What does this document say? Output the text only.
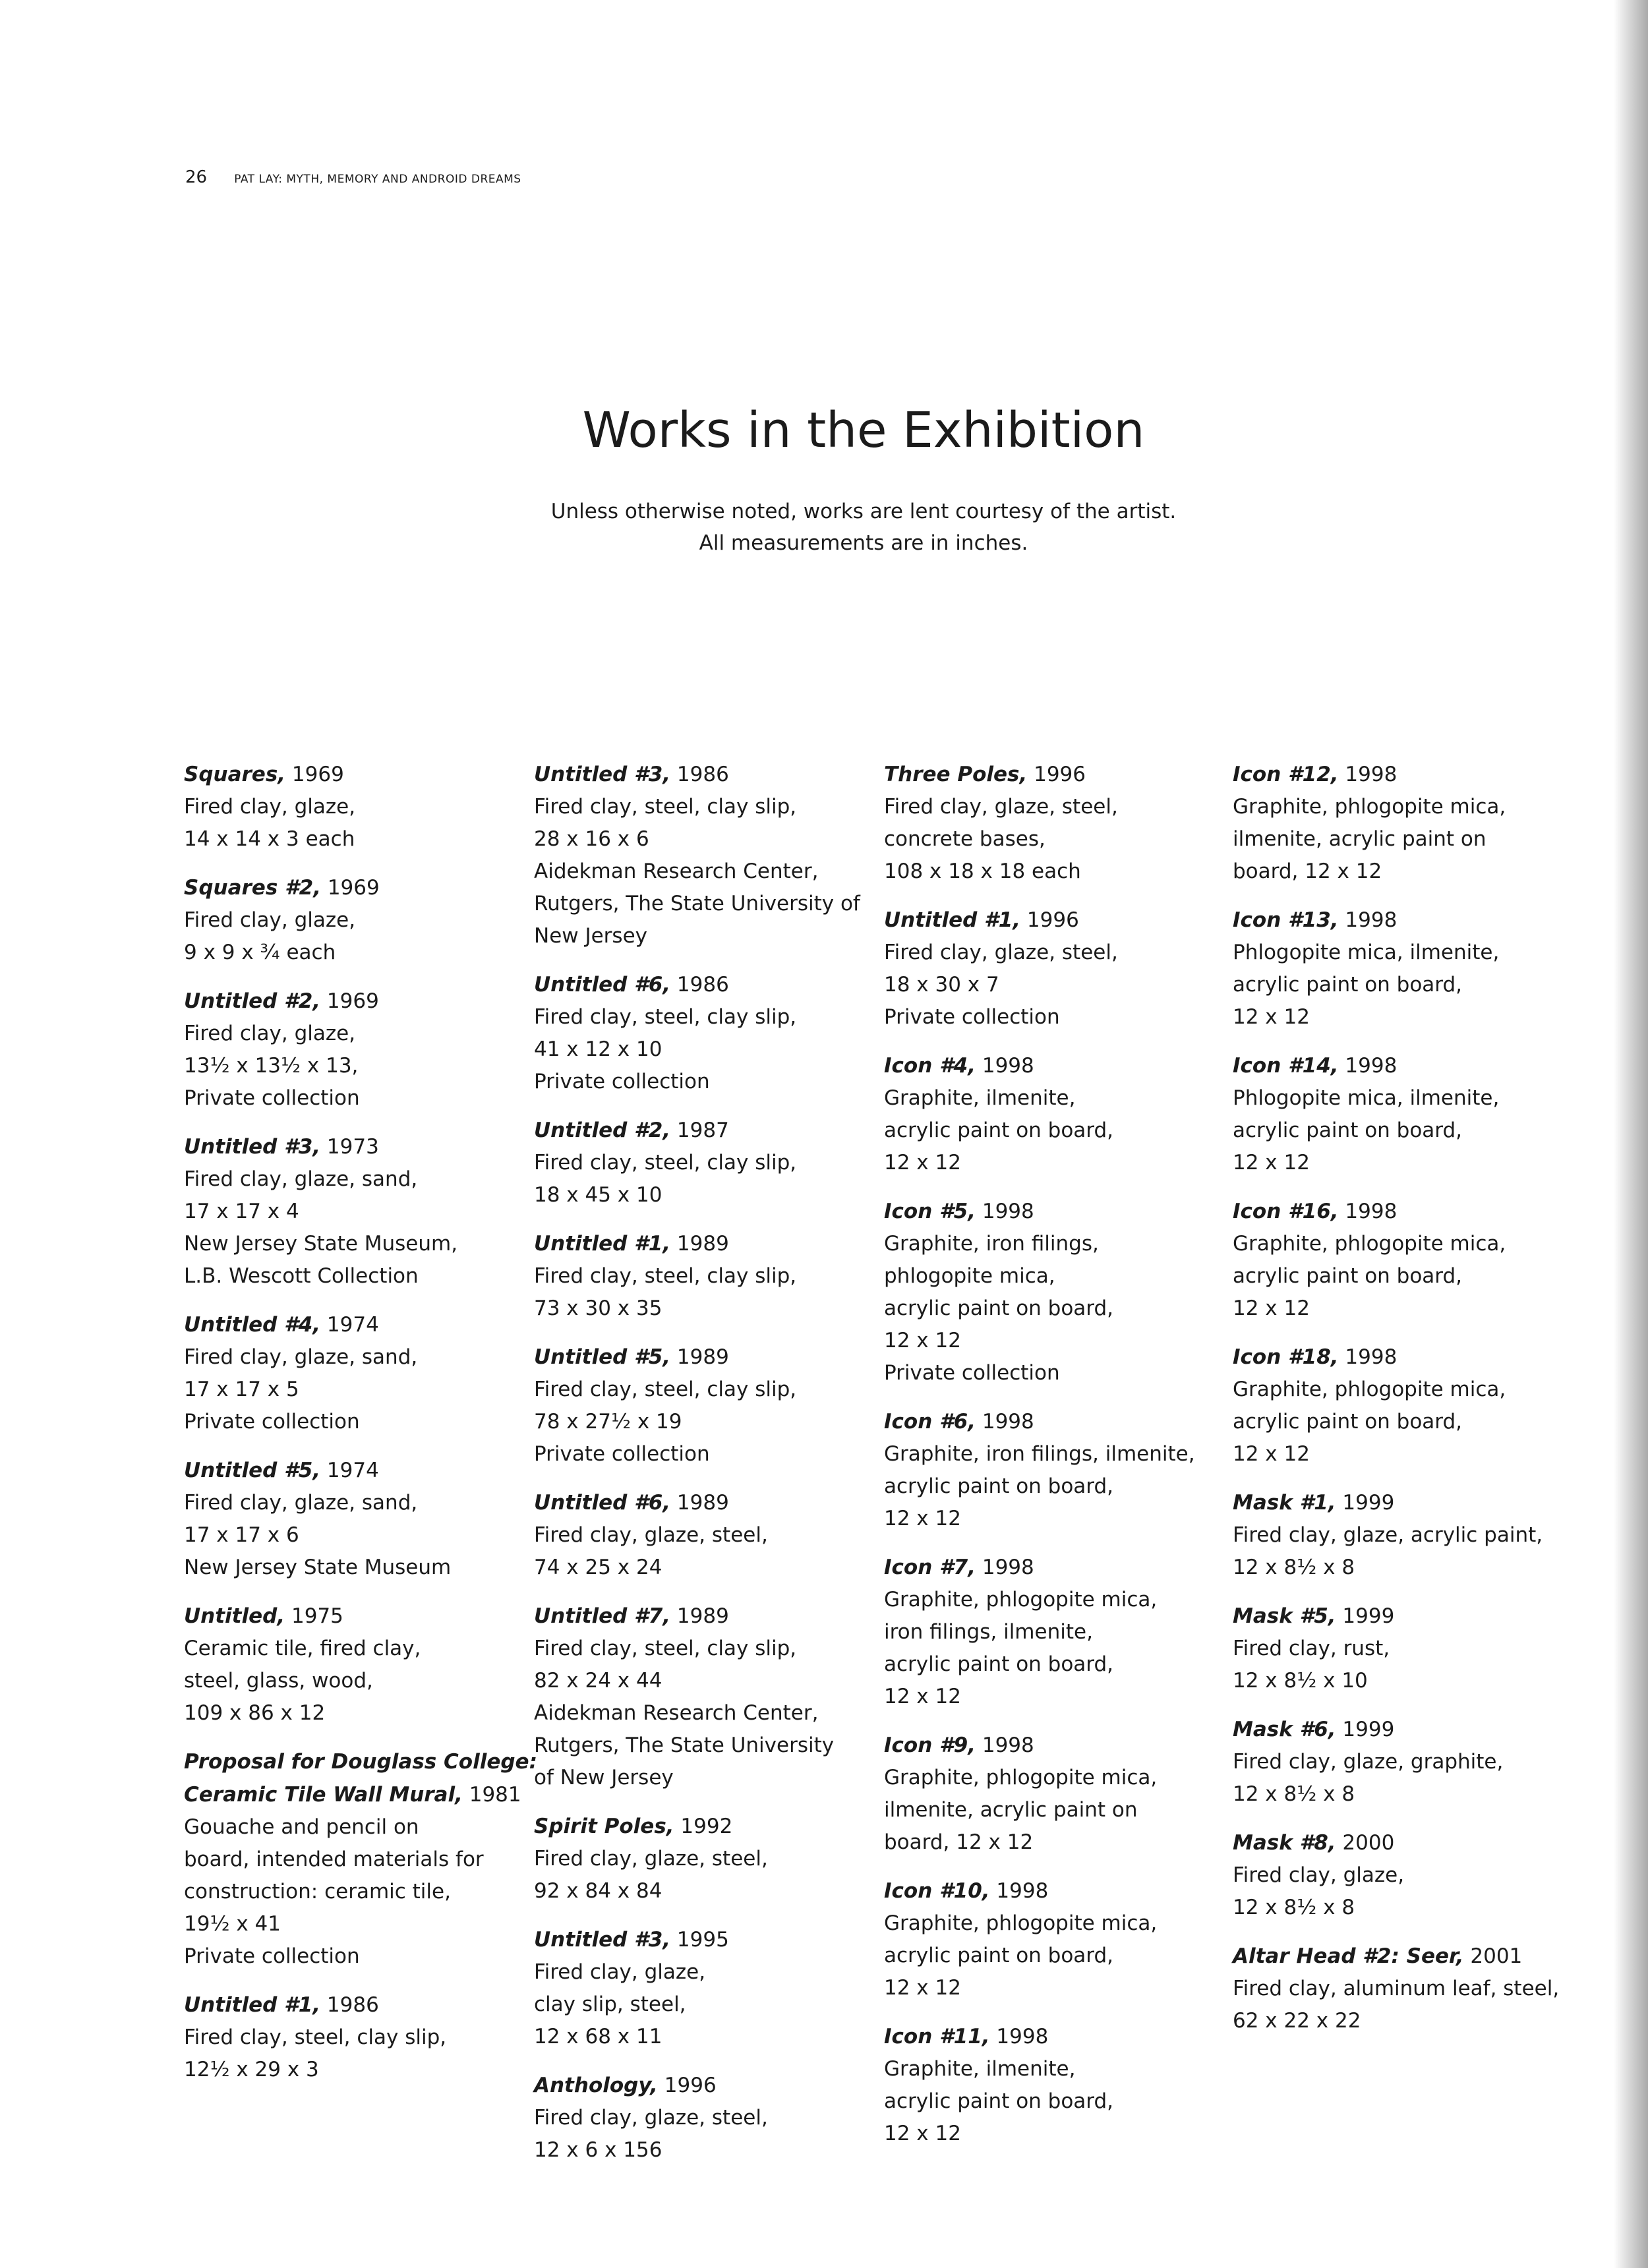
26 PAT LAY: MYTH, MEMORY AND ANDROID DREAMS
Works in the Exhibition
Unless otherwise noted, works are lent courtesy of the artist.
All measurements are in inches.
Squares, 1969
Fired clay, glaze,
14 x 14 x 3 each
Squares #2, 1969
Fired clay, glaze,
9 x 9 x ¾ each
Untitled #2, 1969
Fired clay, glaze,
13½ x 13½ x 13,
Private collection
Untitled #3, 1973
Fired clay, glaze, sand,
17 x 17 x 4
New Jersey State Museum,
L.B. Wescott Collection
Untitled #4, 1974
Fired clay, glaze, sand,
17 x 17 x 5
Private collection
Untitled #5, 1974
Fired clay, glaze, sand,
17 x 17 x 6
New Jersey State Museum
Untitled, 1975
Ceramic tile, fired clay,
steel, glass, wood,
109 x 86 x 12
Proposal for Douglass College:
Ceramic Tile Wall Mural, 1981
Gouache and pencil on
board, intended materials for
construction: ceramic tile,
19½ x 41
Private collection
Untitled #1, 1986
Fired clay, steel, clay slip,
12½ x 29 x 3
Untitled #3, 1986
Fired clay, steel, clay slip,
28 x 16 x 6
Aidekman Research Center,
Rutgers, The State University of
New Jersey
Untitled #6, 1986
Fired clay, steel, clay slip,
41 x 12 x 10
Private collection
Untitled #2, 1987
Fired clay, steel, clay slip,
18 x 45 x 10
Untitled #1, 1989
Fired clay, steel, clay slip,
73 x 30 x 35
Untitled #5, 1989
Fired clay, steel, clay slip,
78 x 27½ x 19
Private collection
Untitled #6, 1989
Fired clay, glaze, steel,
74 x 25 x 24
Untitled #7, 1989
Fired clay, steel, clay slip,
82 x 24 x 44
Aidekman Research Center,
Rutgers, The State University
of New Jersey
Spirit Poles, 1992
Fired clay, glaze, steel,
92 x 84 x 84
Untitled #3, 1995
Fired clay, glaze,
clay slip, steel,
12 x 68 x 11
Anthology, 1996
Fired clay, glaze, steel,
12 x 6 x 156
Three Poles, 1996
Fired clay, glaze, steel,
concrete bases,
108 x 18 x 18 each
Untitled #1, 1996
Fired clay, glaze, steel,
18 x 30 x 7
Private collection
Icon #4, 1998
Graphite, ilmenite,
acrylic paint on board,
12 x 12
Icon #5, 1998
Graphite, iron filings,
phlogopite mica,
acrylic paint on board,
12 x 12
Private collection
Icon #6, 1998
Graphite, iron filings, ilmenite,
acrylic paint on board,
12 x 12
Icon #7, 1998
Graphite, phlogopite mica,
iron filings, ilmenite,
acrylic paint on board,
12 x 12
Icon #9, 1998
Graphite, phlogopite mica,
ilmenite, acrylic paint on
board, 12 x 12
Icon #10, 1998
Graphite, phlogopite mica,
acrylic paint on board,
12 x 12
Icon #11, 1998
Graphite, ilmenite,
acrylic paint on board,
12 x 12
Icon #12, 1998
Graphite, phlogopite mica,
ilmenite, acrylic paint on
board, 12 x 12
Icon #13, 1998
Phlogopite mica, ilmenite,
acrylic paint on board,
12 x 12
Icon #14, 1998
Phlogopite mica, ilmenite,
acrylic paint on board,
12 x 12
Icon #16, 1998
Graphite, phlogopite mica,
acrylic paint on board,
12 x 12
Icon #18, 1998
Graphite, phlogopite mica,
acrylic paint on board,
12 x 12
Mask #1, 1999
Fired clay, glaze, acrylic paint,
12 x 8½ x 8
Mask #5, 1999
Fired clay, rust,
12 x 8½ x 10
Mask #6, 1999
Fired clay, glaze, graphite,
12 x 8½ x 8
Mask #8, 2000
Fired clay, glaze,
12 x 8½ x 8
Altar Head #2: Seer, 2001
Fired clay, aluminum leaf, steel,
62 x 22 x 22
